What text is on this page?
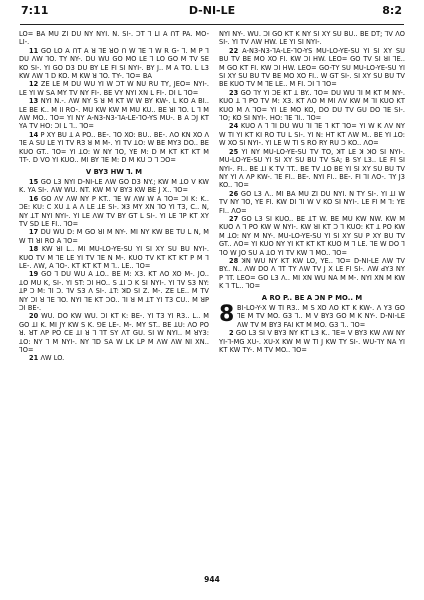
7:11	D-NI-LE	8:2

LO= BA MU ZI DU NY NYI. N. SI-. ꓛT ꓶ LI A ꓵT PA. MO- LI-.

11 GO LO A ꓵT A ꓤ ꓶE ꓤO ꓵ W ꓶE ꓶ W ꓣ G- ꓶ. M P ꓶ DU ꓥW ꓶO. TY NY-. DU WU GO MO LE ꓶ LO GO M TV SE KO SI-. YI GO D3 DU BY LE FI SI NYI-. BY J.. M A TO. L L3 KW ꓥW ꓶ ꓓ KO. M KW ꓤ ꓶO. TY-. ꓶO= BA

12 ZE LE M DU WU YI W ꓛT W NU RU TY, JEO= NYI-. LE YI W SA MY TV NY FI-. BE VY NYI XN L FI-. DI L ꓶO=

13 NYI N.-. ꓥW NY S ꓤ M ꓗT W W BY KW-. L ꓗO A BI.. LE BE K.. M II RO-. MU KW KW M MU KU.. BE ꓤI ꓶO. L ꓶ M ꓥW MO.. ꓶO= YI NY A-N3-N3-ꓶA-LE-ꓶO-YS MU-. B A ꓛJ ꓗT YA TV HO: ꓛI L ꓶ.. ꓶO=

14 P XY BU ꓕ A PO.. BE-. ꓶO XO: BU.. BE-. ꓥO ꓗN XO ꓥ ꓶE A SU LE YI TV R3 ꓤ M M-. YI TV ꓕO: W BE MY3 DO.. BE KUO GT.. ꓶO= YI ꓕO: W NY ꓶO, YE M: D M ꓗT ꓗT ꓗT M ꓶT-. D ꓦO YI KUO.. MI BY ꓶE M: D M KU ꓛ ꓶ ꓛO=

V BY3 HW ꓶ. M

15 GO L3 NYI D-NI-LE ꓥW GO D3 NY.; KW M ꓕO V KW K. YA SI-. ꓥW WU. NT. KW M V BY3 KW BE J X.. ꓶO=

16 GO ꓥV ꓥW NY P ꓗT.. ꓶE W ꓥW W A ꓶO= ꓛI K: ꓗ.. ꓛE: ꓗU: ꓚ XU ꓕ A ꓥ LE ꓕE SI-. ꓘ3 MY XN ꓶO YI T3, C.. N, NY ꓕT NYI NYI-. YI LE ꓥW TV BY GT L SI-. YI LE ꓶP ꓗT XY TV SD LE FI.. ꓶO=

17 DU WU D: M GO ꓤI M NY-. MI NY KW BE TU L N, M W TI ꓤI RO A ꓶO=

18 KW ꓤI L.. MI MU-LO-YE-SU YI SI XY SU BU NYI-. KUO TV M ꓶE LE YI TV ꓶE N M-. KUO TV ꓗT ꓗT ꓗT P M ꓶ LE-. ꓥW, A ꓶO-. ꓗT ꓗT ꓗT M ꓶ.. LE.. ꓶO=

19 GO ꓶ DU WU A ꓕO.. BE M: X3. ꓗT ꓥO XO M-. JO.. ꓕO MU K, SI-. YI ST: ꓛI HO.. S ꓕI ꓛ ꓗ SI NYI-. YI ꓶV S3 NY: ꓕP ꓛ M: ꓶI ꓛ. ꓶV S3 ꓥ SI-. ꓕT: ꓘD SI Z. M-. ZE LE.. M TV NY ꓛI ꓤ ꓶE ꓶO. NYI ꓶE ꓗT ꓛO.. ꓶI ꓤ M ꓕT YI T3 CU.. M ꓤP ꓛI BE-.

20 WU. DO KW WU. ꓛI ꓗT K: BE-. YI T3 YI R3.. L.. M GO ꓕI K. MI JY KW S K. ꓨE LE-. M-. MY ST.. BE ꓕU: ꓥO PO ꓤ. ꓤT ꓥP ꓑO CE ꓕI ꓤ ꓶ ꓶT SY ꓥT GU. SI W NYI.. M ꓤY3: ꓕO: NY ꓶ M NYI-. NY ꓶD SA W LK LP M ꓥW ꓥW NI XN.. ꓶO=

21 ꓥW LO.

NYI NY-. WU. ꓛI GO ꓗT K NY SI XY SU BU.. BE DT; ꓶV ꓥO SI-. YI TV ꓥW HW. LE YI SI NYI-.

22 A-N3-N3-ꓶA-LE-ꓶO-YS MU-LO-YE-SU YI SI XY SU BU TV BE MO XO FI. KW ꓛI HW. LEO= GO TV SI ꓤI ꓶE.. M GO ꓗT FI. KW ꓛI HW. LEO= GO-TY SU MU-LO-YE-SU YI SI XY SU BU TV BE MO XO FI.. W GT SI-. SI XY SU BU TV BE KUO TV M ꓶE LE.. M FI. ꓛI ꓶ ꓶO=

23 GO ꓶY YI ꓛE ꓗT ꓕ BY.. ꓶO= DU WU ꓶI M ꓗT M NY-. KUO ꓕ ꓶ PO TV M: X3. ꓗT ꓥO M MI ꓥV KW M ꓶI KUO ꓗT KUO M ꓥ ꓶO= YI LE MO KO, DO DU TV GU DO ꓶE SI-. ꓶO; KO SI NYI-. HO: ꓶE ꓶI.. ꓶO=

24 KUO ꓥ ꓶ ꓶI DU WU ꓶI ꓶE ꓶ ꓗT ꓶO= YI W K ꓥV NY W TI YI ꓗT ꓗI RO TU L SI-. YI N: HT ꓗT ꓥW M.. BE YI ꓕO: W XO SI NYI-. YI LE W TI S RO RY RU ꓛ KO.. ꓥO=

25 YI NY MU-LO-YE-SU TV TO, ꓘT LE ꓘ ꓘO SI NYI-. MU-LO-YE-SU YI SI XY SU BU TV SA; B SY L3.. LE FI SI NYI-. FI.. BE ꓕI K TV ꓶT.. BE TV ꓕO BE YI SI XY SU BU TV NY YI ꓥ ꓥP KW-. ꓶE FI.. BE-. NYI FI.. BE-. FI ꓶI ꓥO-. ꓶY J3 KO.. ꓶO=

26 GO L3 ꓥ.. MI BA MU ZI DU NYI. N TY SI-. YI ꓕI W TV NY ꓶO, YE FI. KW DI ꓶI W V KO SI NYI-. LE FI M ꓶ: YE FI.. ꓥO=

27 GO L3 SI KUO.. BE ꓕT W. BE MU KW NW. KW M KUO ꓥ ꓶ PO KW W NYI-. KW ꓤI ꓗT ꓛ ꓶ KUO: ꓗT ꓕ PO KW M ꓕO: NY M NY-. MU-LO-YE-SU YI SI XY SU P XY BU TV GT.. ꓥO= YI KUO NY YI ꓗT ꓗT ꓗT KUO M ꓶ LE. ꓶE W DO ꓶ ꓶO W JO SU A ꓕO YI TV KW ꓶ MO.. ꓶO=

28 ꓘN WU NY ꓗT KW LO, YE.. ꓶO= D-NI-LE ꓥW TV BY.. N.. ꓥW DO ꓥ ꓶT TY ꓥW TV J X LE FI SI-. ꓥW ꓒY3 NY P ꓶT. LEO= GO L3 ꓥ.. MI XN WU NA M M-. NYI XN M KW K ꓶ TL.. ꓶO=

A RO P.. BE A ꓛN P MO.. M
8 BI-LO-Y-X W TI R3.. M S XO ꓥO ꓗT K KW-. ꓥ Y3 GO ꓶE M TV MO. G3 ꓶ.. M V BY3 GO M K NY-. D-NI-LE ꓥW TV M BY3 FAI ꓗT M MO. G3 ꓶ.. ꓶO=

2 GO L3 SI V BY3 NY ꓗT L3 K.. ꓶE= V BY3 KW ꓥW NY YI-ꓶ-MG XU-. XU-X KW M W TI J KW TY SI-. WU-ꓶY NA YI ꓗT KW TY-. M TV MO.. ꓶO=

944
